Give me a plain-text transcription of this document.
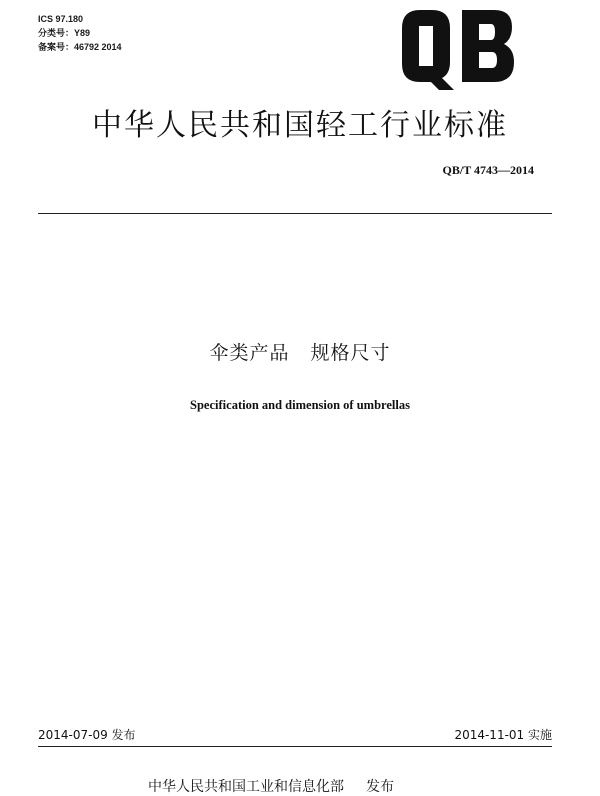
ICS 97.180
分类号：Y89
备案号：46792 2014
中华人民共和国轻工行业标准
QB/T 4743—2014
伞类产品   规格尺寸
Specification and dimension of umbrellas
2014-07-09 发布	2014-11-01 实施
中华人民共和国工业和信息化部 发布
